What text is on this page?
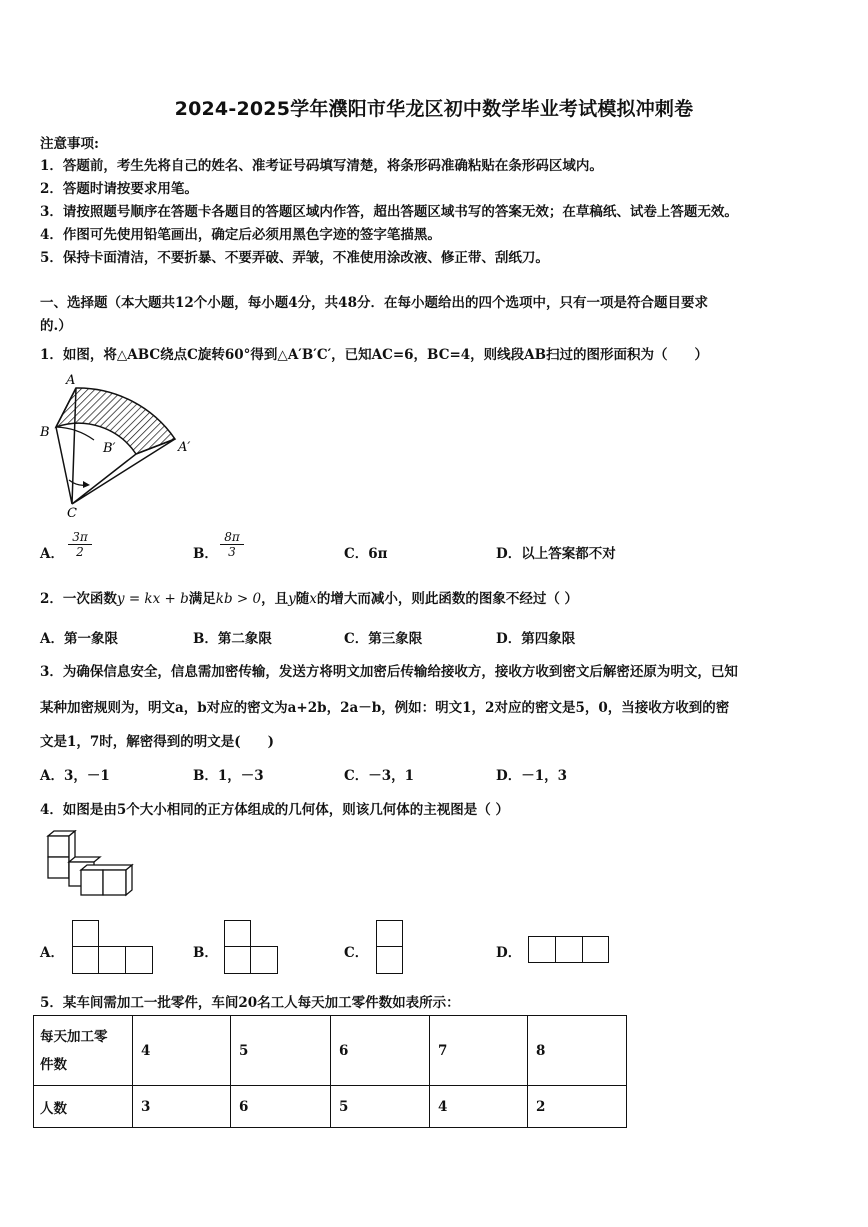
2024-2025学年濮阳市华龙区初中数学毕业考试模拟冲刺卷
注意事项:
1．答题前，考生先将自己的姓名、准考证号码填写清楚，将条形码准确粘贴在条形码区域内。
2．答题时请按要求用笔。
3．请按照题号顺序在答题卡各题目的答题区域内作答，超出答题区域书写的答案无效；在草稿纸、试卷上答题无效。
4．作图可先使用铅笔画出，确定后必须用黑色字迹的签字笔描黑。
5．保持卡面清洁，不要折暴、不要弄破、弄皱，不准使用涂改液、修正带、刮纸刀。
一、选择题（本大题共12个小题，每小题4分，共48分．在每小题给出的四个选项中，只有一项是符合题目要求
的.）
1．如图，将△ABC绕点C旋转60°得到△A′B′C′，已知AC=6，BC=4，则线段AB扫过的图形面积为（　　）
A
B
B′	A′
C
A． $\frac{3\pi}{2}$	B． $\frac{8\pi}{3}$	C．6π	D．以上答案都不对
2．一次函数y = kx + b满足kb > 0，且y随x的增大而减小，则此函数的图象不经过（ ）
A．第一象限	B．第二象限	C．第三象限	D．第四象限
3．为确保信息安全，信息需加密传输，发送方将明文加密后传输给接收方，接收方收到密文后解密还原为明文，已知
某种加密规则为，明文a，b对应的密文为a+2b，2a－b，例如：明文1，2对应的密文是5，0，当接收方收到的密
文是1，7时，解密得到的明文是(　　)
A．3，－1	B．1，－3	C．－3，1	D．－1，3
4．如图是由5个大小相同的正方体组成的几何体，则该几何体的主视图是（ ）
A．	B．	C．	D．
5．某车间需加工一批零件，车间20名工人每天加工零件数如表所示：
每天加工零
件数	4	5	6	7	8
人数	3	6	5	4	2
